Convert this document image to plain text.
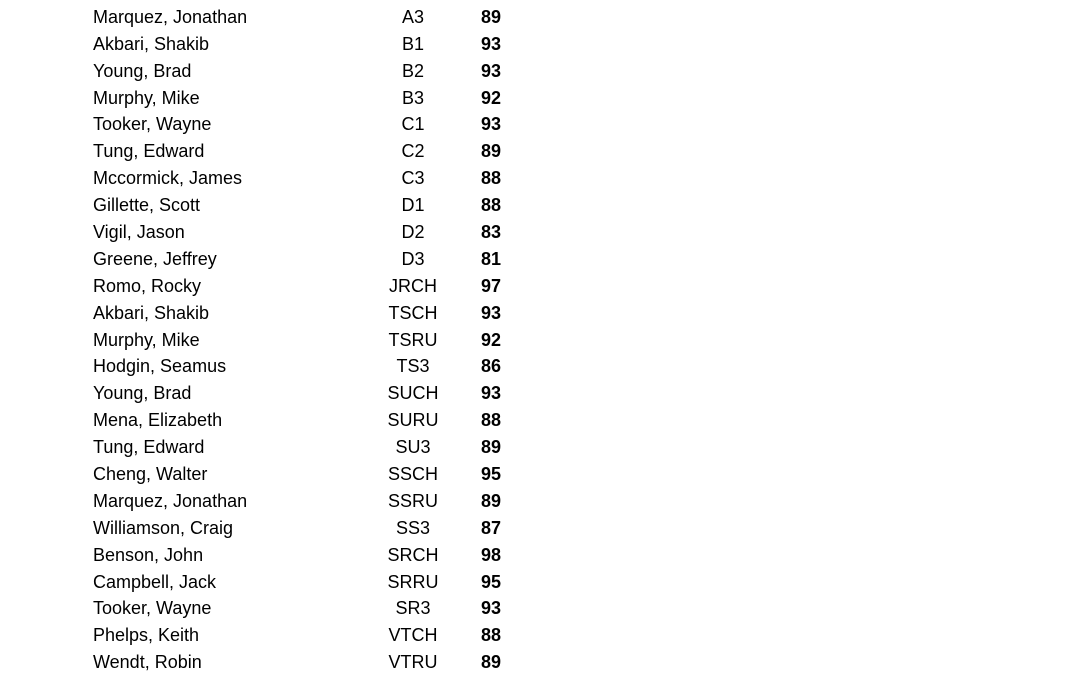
Marquez, Jonathan	A3	89
Akbari, Shakib	B1	93
Young, Brad	B2	93
Murphy, Mike	B3	92
Tooker, Wayne	C1	93
Tung, Edward	C2	89
Mccormick, James	C3	88
Gillette, Scott	D1	88
Vigil, Jason	D2	83
Greene, Jeffrey	D3	81
Romo, Rocky	JRCH 97
Akbari, Shakib	TSCH 93
Murphy, Mike	TSRU 92
Hodgin, Seamus	TS3	86
Young, Brad	SUCH 93
Mena, Elizabeth	SURU 88
Tung, Edward	SU3	89
Cheng, Walter	SSCH 95
Marquez, Jonathan	SSRU 89
Williamson, Craig	SS3	87
Benson, John	SRCH 98
Campbell, Jack	SRRU 95
Tooker, Wayne	SR3	93
Phelps, Keith	VTCH 88
Wendt, Robin	VTRU 89
